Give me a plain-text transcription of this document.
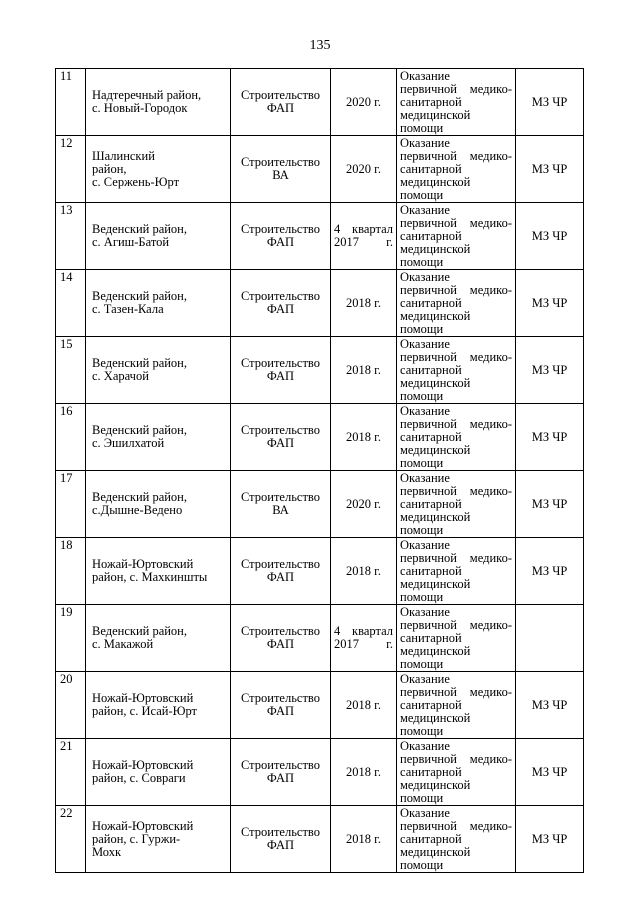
135
11	Надтеречный район,
с. Новый-Городок	Строительство
ФАП	2020 г.	Оказание
первичной медико-
санитарной
медицинской
помощи	МЗ ЧР
12	Шалинский
район,
с. Сержень-Юрт	Строительство
ВА	2020 г.	Оказание
первичной медико-
санитарной
медицинской
помощи	МЗ ЧР
13	Веденский район,
с. Агиш-Батой	Строительство
ФАП	4 квартал
2017 г.	Оказание
первичной медико-
санитарной
медицинской
помощи	МЗ ЧР
14	Веденский район,
с. Тазен-Кала	Строительство
ФАП	2018 г.	Оказание
первичной медико-
санитарной
медицинской
помощи	МЗ ЧР
15	Веденский район,
с. Харачой	Строительство
ФАП	2018 г.	Оказание
первичной медико-
санитарной
медицинской
помощи	МЗ ЧР
16	Веденский район,
с. Эшилхатой	Строительство
ФАП	2018 г.	Оказание
первичной медико-
санитарной
медицинской
помощи	МЗ ЧР
17	Веденский район,
с.Дышне-Ведено	Строительство
ВА	2020 г.	Оказание
первичной медико-
санитарной
медицинской
помощи	МЗ ЧР
18	Ножай-Юртовский
район, с. Махкиншты	Строительство
ФАП	2018 г.	Оказание
первичной медико-
санитарной
медицинской
помощи	МЗ ЧР
19	Веденский район,
с. Макажой	Строительство
ФАП	4 квартал
2017 г.	Оказание
первичной медико-
санитарной
медицинской
помощи	

20	Ножай-Юртовский
район, с. Исай-Юрт	Строительство
ФАП	2018 г.	Оказание
первичной медико-
санитарной
медицинской
помощи	МЗ ЧР
21	Ножай-Юртовский
район, с. Совраги	Строительство
ФАП	2018 г.	Оказание
первичной медико-
санитарной
медицинской
помощи	МЗ ЧР
22	Ножай-Юртовский
район, с. Гуржи-
Мохк	Строительство
ФАП	2018 г.	Оказание
первичной медико-
санитарной
медицинской
помощи	МЗ ЧР
